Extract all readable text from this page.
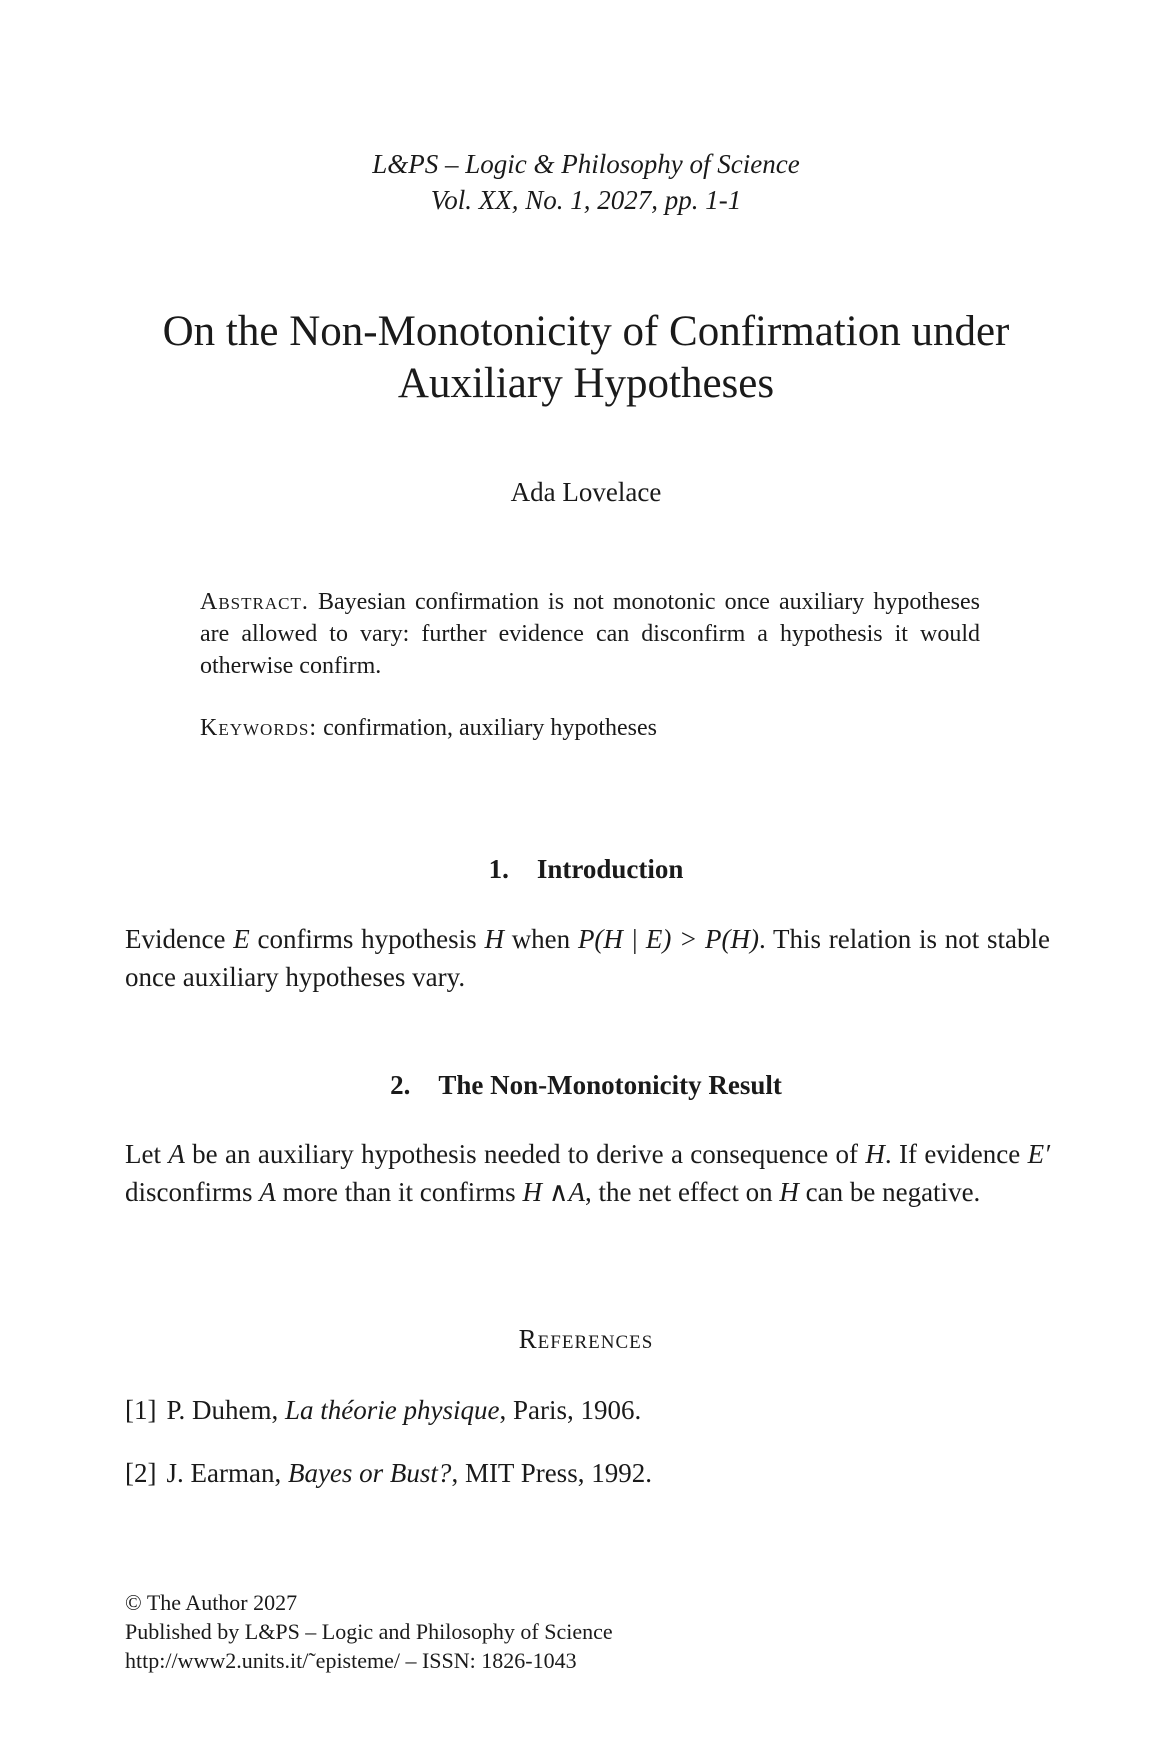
L&PS – Logic & Philosophy of Science
Vol. XX, No. 1, 2027, pp. 1-1
On the Non-Monotonicity of Confirmation under
Auxiliary Hypotheses
Ada Lovelace
Abstract. Bayesian confirmation is not monotonic once auxiliary hypotheses are allowed to vary: further evidence can disconfirm a hypothesis it would otherwise confirm.
Keywords: confirmation, auxiliary hypotheses
1. Introduction
Evidence E confirms hypothesis H when P(H | E) > P(H). This relation is not stable once auxiliary hypotheses vary.
2. The Non-Monotonicity Result
Let A be an auxiliary hypothesis needed to derive a consequence of H. If evidence E′ disconfirms A more than it confirms H ∧A, the net effect on H can be negative.
References
[1] P. Duhem, La théorie physique, Paris, 1906.
[2] J. Earman, Bayes or Bust?, MIT Press, 1992.
© The Author 2027
Published by L&PS – Logic and Philosophy of Science
http://www2.units.it/˜episteme/ – ISSN: 1826-1043
